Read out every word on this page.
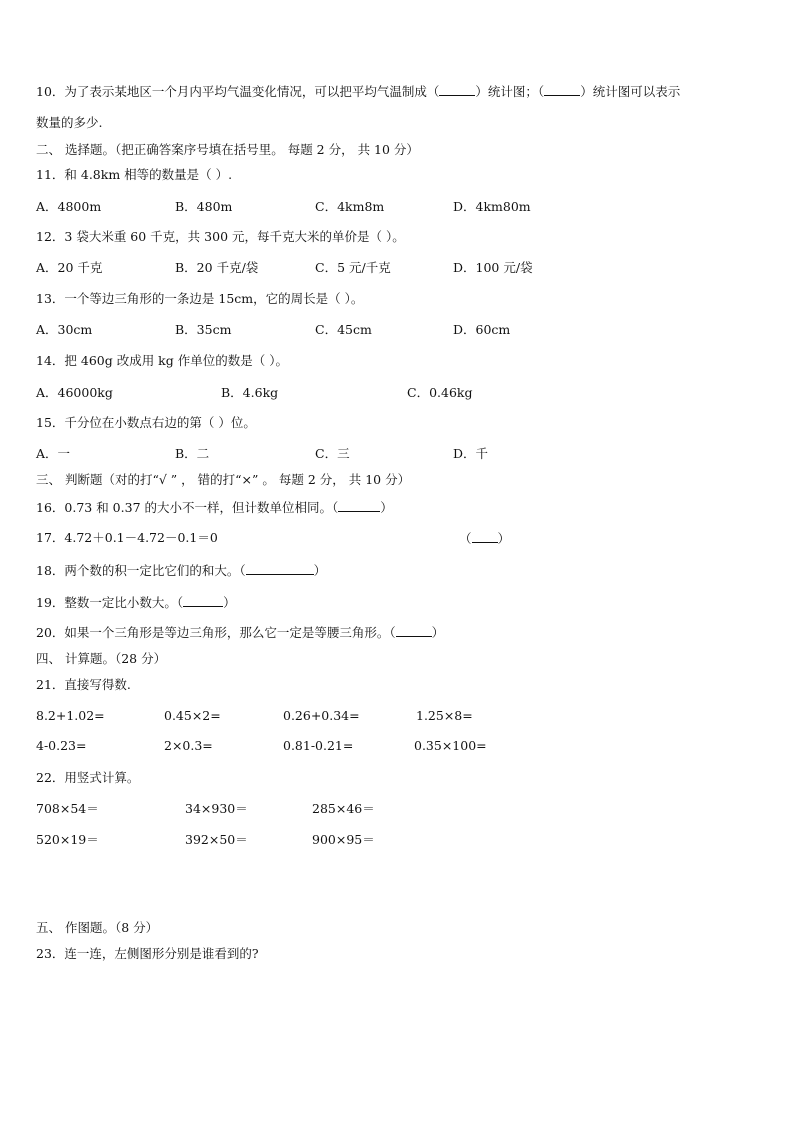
10．为了表示某地区一个月内平均气温变化情况，可以把平均气温制成（	）统计图；（	）统计图可以表示
数量的多少.
二、 选择题。（把正确答案序号填在括号里。 每题 2 分， 共 10 分）
11．和 4.8km 相等的数量是（ ）.
A．4800m	B．480m	C．4km8m	D．4km80m
12．3 袋大米重 60 千克，共 300 元，每千克大米的单价是（ ）。
A．20 千克	B．20 千克/袋	C．5 元/千克	D．100 元/袋
13．一个等边三角形的一条边是 15cm，它的周长是（ ）。
A．30cm	B．35cm	C．45cm	D．60cm
14．把 460g 改成用 kg 作单位的数是（ ）。
A．46000kg	B．4.6kg	C．0.46kg
15．千分位在小数点右边的第（ ）位。
A．一	B．二	C．三	D．千
三、 判断题（对的打“√ ” ， 错的打“×” 。 每题 2 分， 共 10 分）
16．0.73 和 0.37 的大小不一样，但计数单位相同。（	）
17．4.72＋0.1－4.72－0.1＝0	（ ）
18．两个数的积一定比它们的和大。（	）
19．整数一定比小数大。（	）
20．如果一个三角形是等边三角形，那么它一定是等腰三角形。（	）
四、 计算题。（28 分）
21．直接写得数.
8.2+1.02=	0.45×2=	0.26+0.34=	1.25×8=
4-0.23=	2×0.3=	0.81-0.21=	0.35×100=
22．用竖式计算。
708×54＝	34×930＝	285×46＝
520×19＝	392×50＝	900×95＝
五、 作图题。（8 分）
23．连一连，左侧图形分别是谁看到的?
